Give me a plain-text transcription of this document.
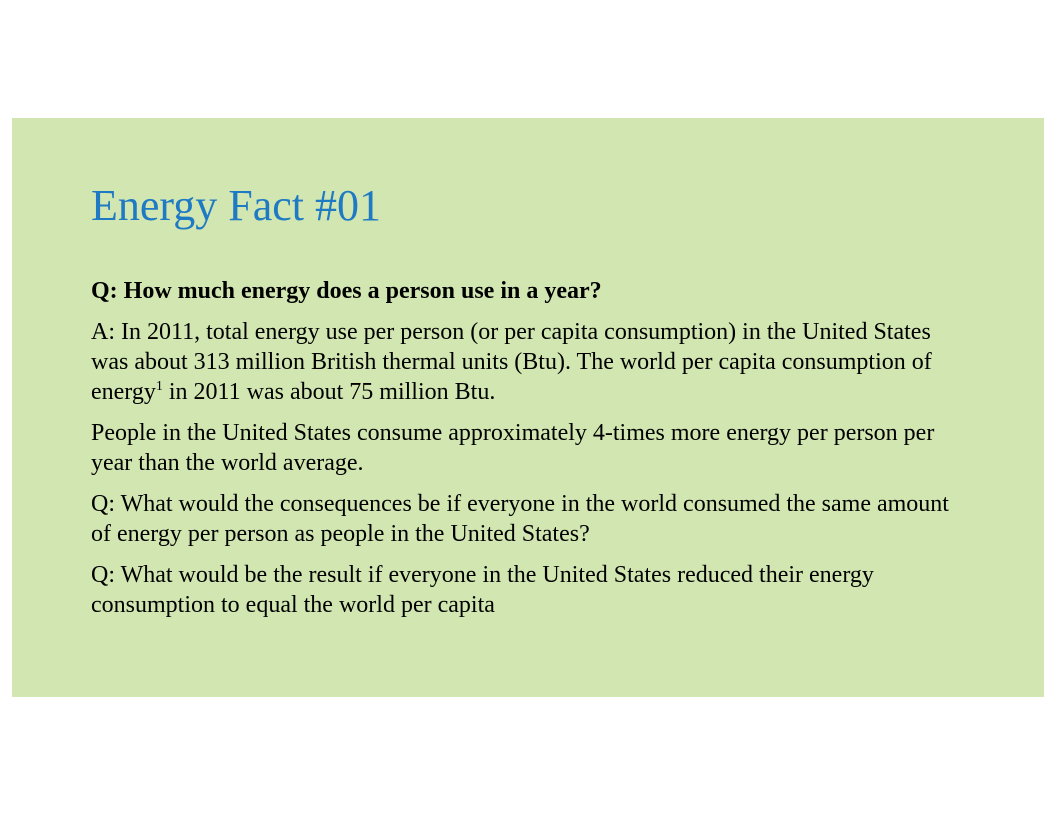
Energy Fact #01

Q: How much energy does a person use in a year?

A: In 2011, total energy use per person (or per capita consumption) in the United States was about 313 million British thermal units (Btu). The world per capita consumption of energy$^1$ in 2011 was about 75 million Btu.

People in the United States consume approximately 4-times more energy per person per year than the world average.

Q: What would the consequences be if everyone in the world consumed the same amount of energy per person as people in the United States?

Q: What would be the result if everyone in the United States reduced their energy consumption to equal the world per capita
